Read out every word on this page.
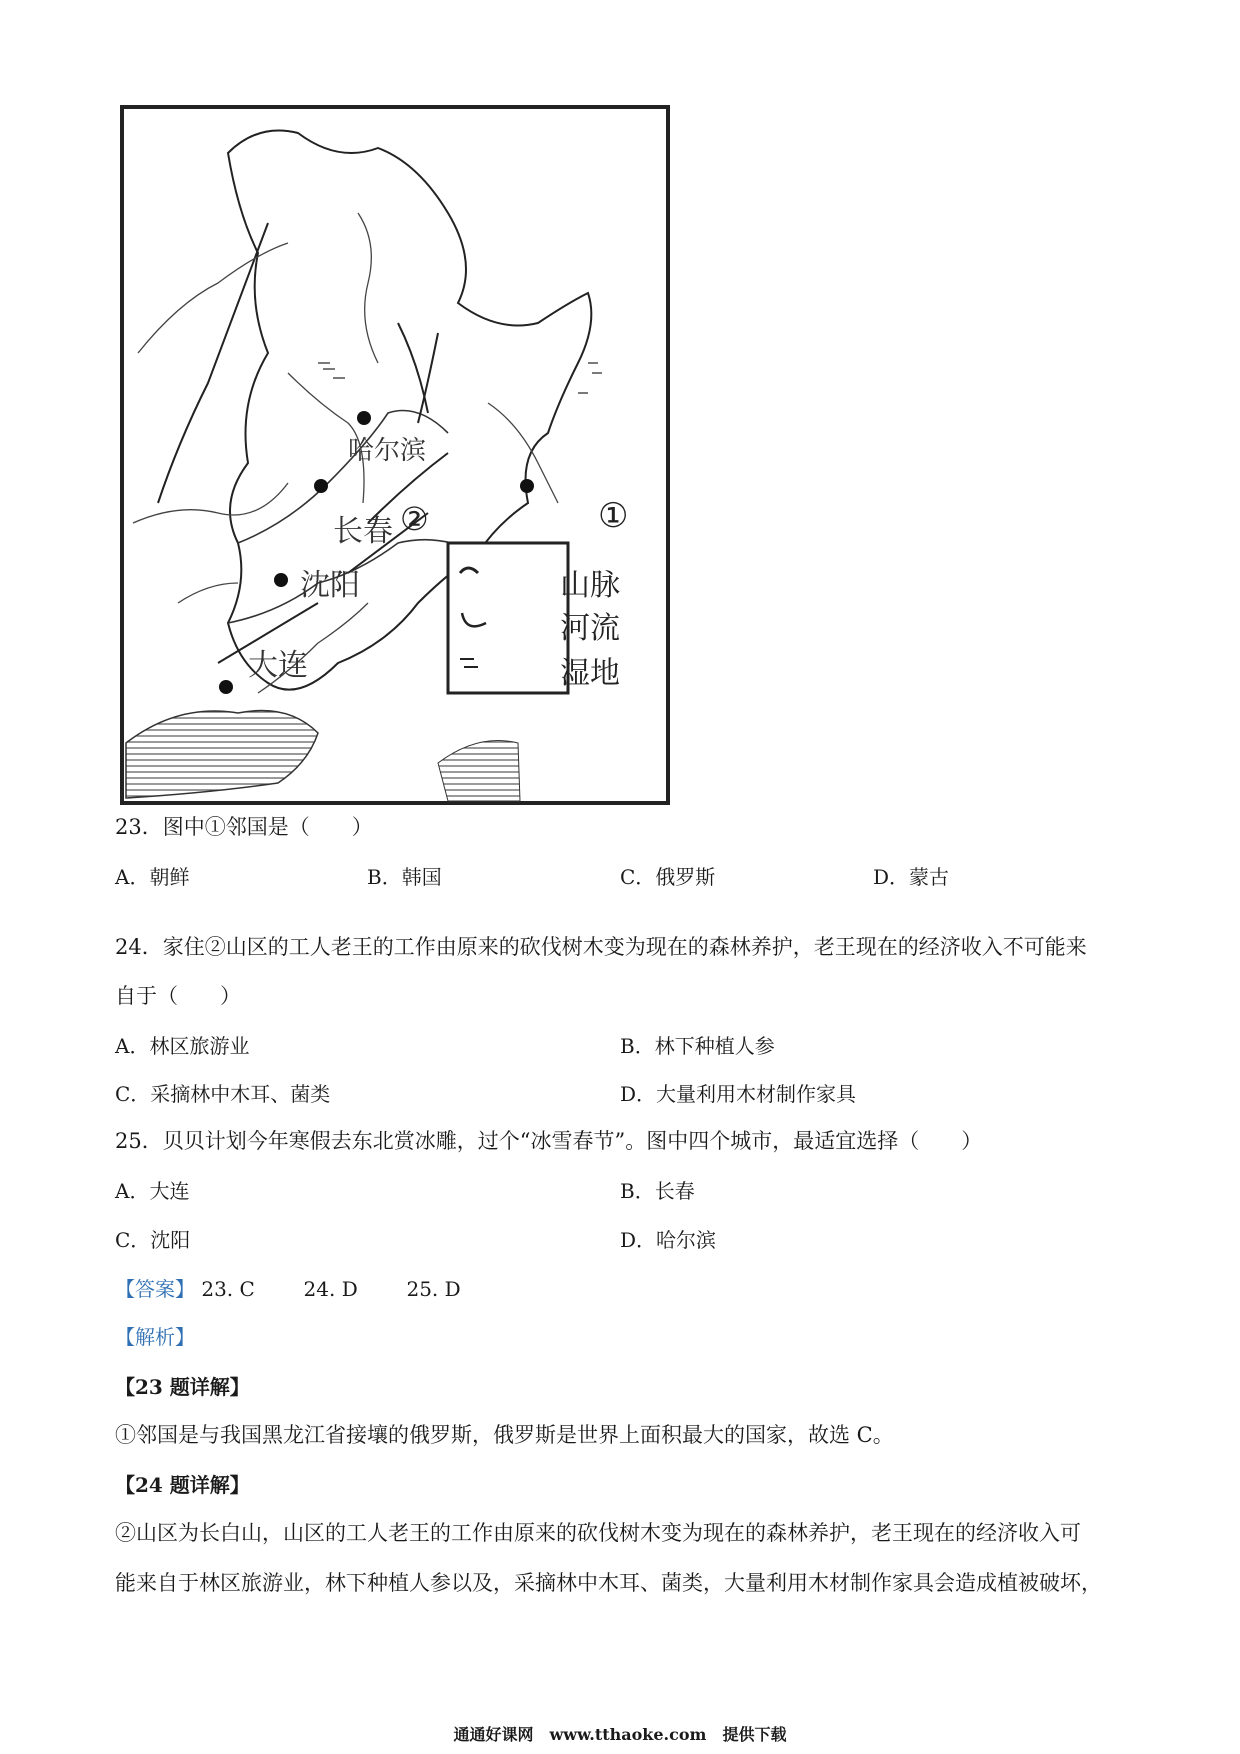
哈尔滨
长春 ②
沈阳
大连
①
山脉
河流
湿地
23．图中①邻国是（　　）
A．朝鲜	B．韩国	C．俄罗斯	D．蒙古
24．家住②山区的工人老王的工作由原来的砍伐树木变为现在的森林养护，老王现在的经济收入不可能来
自于（　　）
A．林区旅游业	B．林下种植人参
C．采摘林中木耳、菌类	D．大量利用木材制作家具
25．贝贝计划今年寒假去东北赏冰雕，过个“冰雪春节”。图中四个城市，最适宜选择（　　）
A．大连	B．长春
C．沈阳	D．哈尔滨
【答案】 23. C 24. D 25. D
【解析】
【23 题详解】
①邻国是与我国黑龙江省接壤的俄罗斯，俄罗斯是世界上面积最大的国家，故选 C。
【24 题详解】
②山区为长白山，山区的工人老王的工作由原来的砍伐树木变为现在的森林养护，老王现在的经济收入可
能来自于林区旅游业，林下种植人参以及，采摘林中木耳、菌类，大量利用木材制作家具会造成植被破坏，
通通好课网　www.tthaoke.com　提供下载
